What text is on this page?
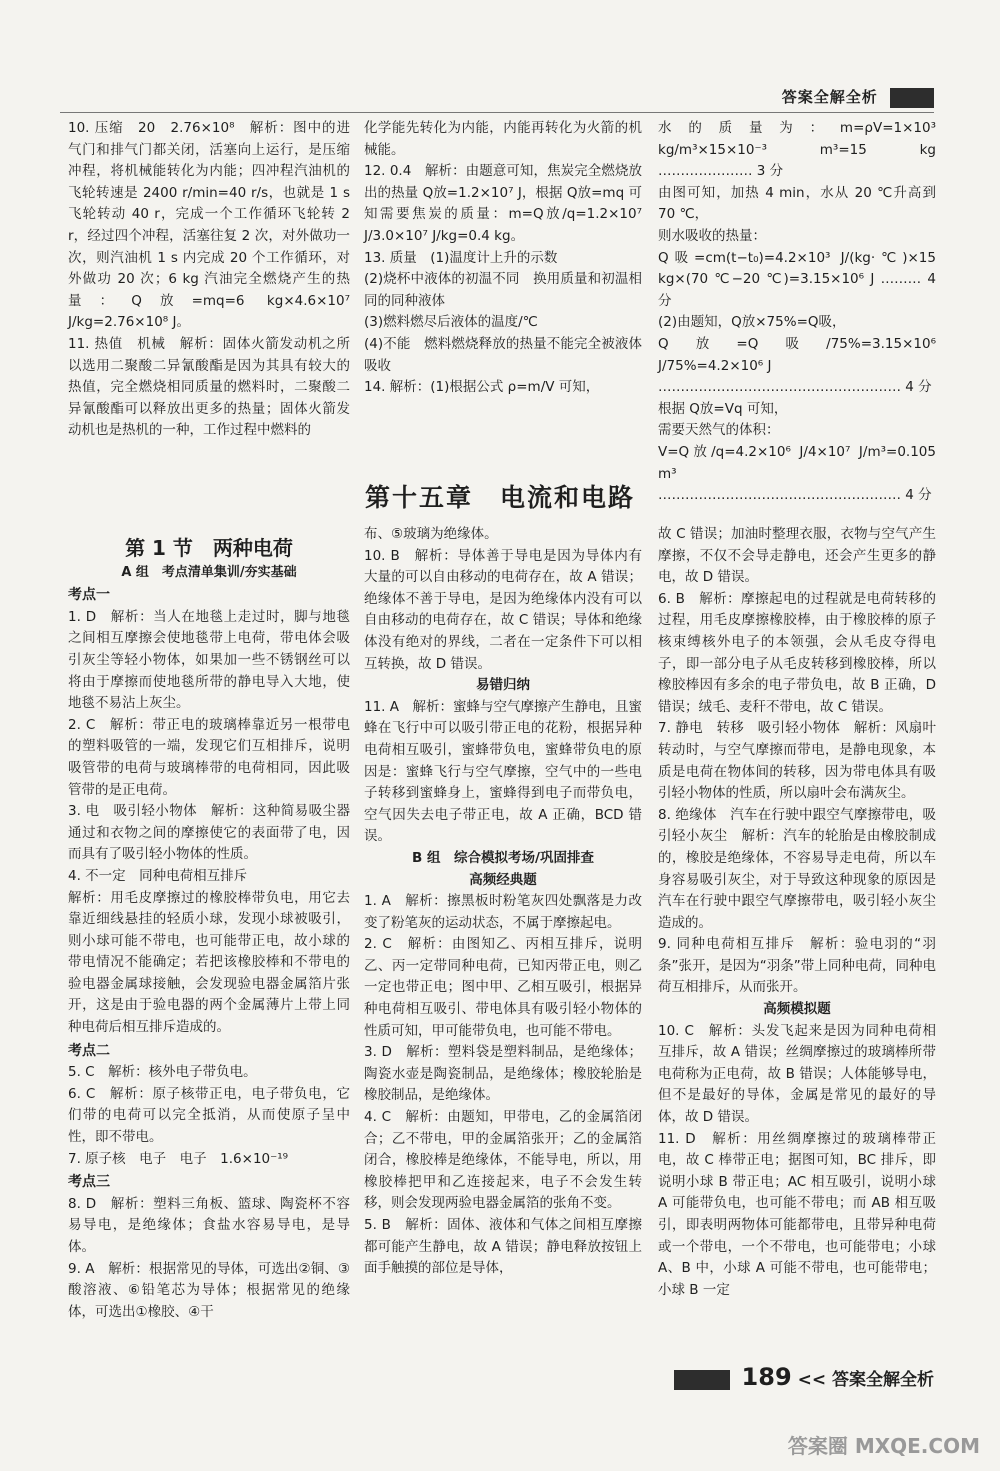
答案全解全析

10. 压缩　20　2.76×10⁸　解析：图中的进气门和排气门都关闭，活塞向上运行，是压缩冲程，将机械能转化为内能；四冲程汽油机的飞轮转速是 2400 r/min=40 r/s，也就是 1 s 飞轮转动 40 r，完成一个工作循环飞轮转 2 r，经过四个冲程，活塞往复 2 次，对外做功一次，则汽油机 1 s 内完成 20 个工作循环，对外做功 20 次；6 kg 汽油完全燃烧产生的热量：Q放=mq=6 kg×4.6×10⁷ J/kg=2.76×10⁸ J。

11. 热值　机械　解析：固体火箭发动机之所以选用二聚酸二异氰酸酯是因为其具有较大的热值，完全燃烧相同质量的燃料时，二聚酸二异氰酸酯可以释放出更多的热量；固体火箭发动机也是热机的一种，工作过程中燃料的

化学能先转化为内能，内能再转化为火箭的机械能。

12. 0.4　解析：由题意可知，焦炭完全燃烧放出的热量 Q放=1.2×10⁷ J，根据 Q放=mq 可知需要焦炭的质量：m=Q放/q=1.2×10⁷ J/3.0×10⁷ J/kg=0.4 kg。

13. 质量　(1)温度计上升的示数

(2)烧杯中液体的初温不同　换用质量和初温相同的同种液体

(3)燃料燃尽后液体的温度/℃

(4)不能　燃料燃烧释放的热量不能完全被液体吸收

14. 解析：(1)根据公式 ρ=m/V 可知，

水的质量为：m=ρV=1×10³ kg/m³×15×10⁻³ m³=15 kg ………………… 3 分

由图可知，加热 4 min，水从 20 ℃升高到 70 ℃，

则水吸收的热量：

Q吸=cm(t−t₀)=4.2×10³ J/(kg·℃)×15 kg×(70 ℃−20 ℃)=3.15×10⁶ J ……… 4 分

(2)由题知，Q放×75%=Q吸，

Q放=Q吸/75%=3.15×10⁶ J/75%=4.2×10⁶ J

……………………………………………… 4 分

根据 Q放=Vq 可知，

需要天然气的体积：

V=Q放/q=4.2×10⁶ J/4×10⁷ J/m³=0.105 m³

……………………………………………… 4 分

第十五章　电流和电路
第 1 节　两种电荷
A 组　考点清单集训/夯实基础
考点一
1. D　解析：当人在地毯上走过时，脚与地毯之间相互摩擦会使地毯带上电荷，带电体会吸引灰尘等轻小物体，如果加一些不锈钢丝可以将由于摩擦而使地毯所带的静电导入大地，使地毯不易沾上灰尘。
2. C　解析：带正电的玻璃棒靠近另一根带电的塑料吸管的一端，发现它们互相排斥，说明吸管带的电荷与玻璃棒带的电荷相同，因此吸管带的是正电荷。
3. 电　吸引轻小物体　解析：这种简易吸尘器通过和衣物之间的摩擦使它的表面带了电，因而具有了吸引轻小物体的性质。
4. 不一定　同种电荷相互排斥
解析：用毛皮摩擦过的橡胶棒带负电，用它去靠近细线悬挂的轻质小球，发现小球被吸引，则小球可能不带电，也可能带正电，故小球的带电情况不能确定；若把该橡胶棒和不带电的验电器金属球接触，会发现验电器金属箔片张开，这是由于验电器的两个金属薄片上带上同种电荷后相互排斥造成的。
考点二
5. C　解析：核外电子带负电。
6. C　解析：原子核带正电，电子带负电，它们带的电荷可以完全抵消，从而使原子呈中性，即不带电。
7. 原子核　电子　电子　1.6×10⁻¹⁹
考点三
8. D　解析：塑料三角板、篮球、陶瓷杯不容易导电，是绝缘体；食盐水容易导电，是导体。
9. A　解析：根据常见的导体，可选出②铜、③酸溶液、⑥铅笔芯为导体；根据常见的绝缘体，可选出①橡胶、④干
布、⑤玻璃为绝缘体。
10. B　解析：导体善于导电是因为导体内有大量的可以自由移动的电荷存在，故 A 错误；绝缘体不善于导电，是因为绝缘体内没有可以自由移动的电荷存在，故 C 错误；导体和绝缘体没有绝对的界线，二者在一定条件下可以相互转换，故 D 错误。
易错归纳
11. A　解析：蜜蜂与空气摩擦产生静电，且蜜蜂在飞行中可以吸引带正电的花粉，根据异种电荷相互吸引，蜜蜂带负电，蜜蜂带负电的原因是：蜜蜂飞行与空气摩擦，空气中的一些电子转移到蜜蜂身上，蜜蜂得到电子而带负电，空气因失去电子带正电，故 A 正确，BCD 错误。
B 组　综合模拟考场/巩固排查
高频经典题
1. A　解析：擦黑板时粉笔灰四处飘落是力改变了粉笔灰的运动状态，不属于摩擦起电。
2. C　解析：由图知乙、丙相互排斥，说明乙、丙一定带同种电荷，已知丙带正电，则乙一定也带正电；图中甲、乙相互吸引，根据异种电荷相互吸引、带电体具有吸引轻小物体的性质可知，甲可能带负电，也可能不带电。
3. D　解析：塑料袋是塑料制品，是绝缘体；陶瓷水壶是陶瓷制品，是绝缘体；橡胶轮胎是橡胶制品，是绝缘体。
4. C　解析：由题知，甲带电，乙的金属箔闭合；乙不带电，甲的金属箔张开；乙的金属箔闭合，橡胶棒是绝缘体，不能导电，所以，用橡胶棒把甲和乙连接起来，电子不会发生转移，则会发现两验电器金属箔的张角不变。
5. B　解析：固体、液体和气体之间相互摩擦都可能产生静电，故 A 错误；静电释放按钮上面手触摸的部位是导体，
故 C 错误；加油时整理衣服，衣物与空气产生摩擦，不仅不会导走静电，还会产生更多的静电，故 D 错误。
6. B　解析：摩擦起电的过程就是电荷转移的过程，用毛皮摩擦橡胶棒，由于橡胶棒的原子核束缚核外电子的本领强，会从毛皮夺得电子，即一部分电子从毛皮转移到橡胶棒，所以橡胶棒因有多余的电子带负电，故 B 正确，D 错误；绒毛、麦秆不带电，故 C 错误。
7. 静电　转移　吸引轻小物体　解析：风扇叶转动时，与空气摩擦而带电，是静电现象，本质是电荷在物体间的转移，因为带电体具有吸引轻小物体的性质，所以扇叶会布满灰尘。
8. 绝缘体　汽车在行驶中跟空气摩擦带电，吸引轻小灰尘　解析：汽车的轮胎是由橡胶制成的，橡胶是绝缘体，不容易导走电荷，所以车身容易吸引灰尘，对于导致这种现象的原因是汽车在行驶中跟空气摩擦带电，吸引轻小灰尘造成的。
9. 同种电荷相互排斥　解析：验电羽的“羽条”张开，是因为“羽条”带上同种电荷，同种电荷互相排斥，从而张开。
高频模拟题
10. C　解析：头发飞起来是因为同种电荷相互排斥，故 A 错误；丝绸摩擦过的玻璃棒所带电荷称为正电荷，故 B 错误；人体能够导电，但不是最好的导体，金属是常见的最好的导体，故 D 错误。
11. D　解析：用丝绸摩擦过的玻璃棒带正电，故 C 棒带正电；据图可知，BC 排斥，即说明小球 B 带正电；AC 相互吸引，说明小球 A 可能带负电，也可能不带电；而 AB 相互吸引，即表明两物体可能都带电，且带异种电荷或一个带电，一个不带电，也可能带电；小球 A、B 中，小球 A 可能不带电，也可能带电；小球 B 一定
189 << 答案全解全析
答案圈 MXQE.COM
